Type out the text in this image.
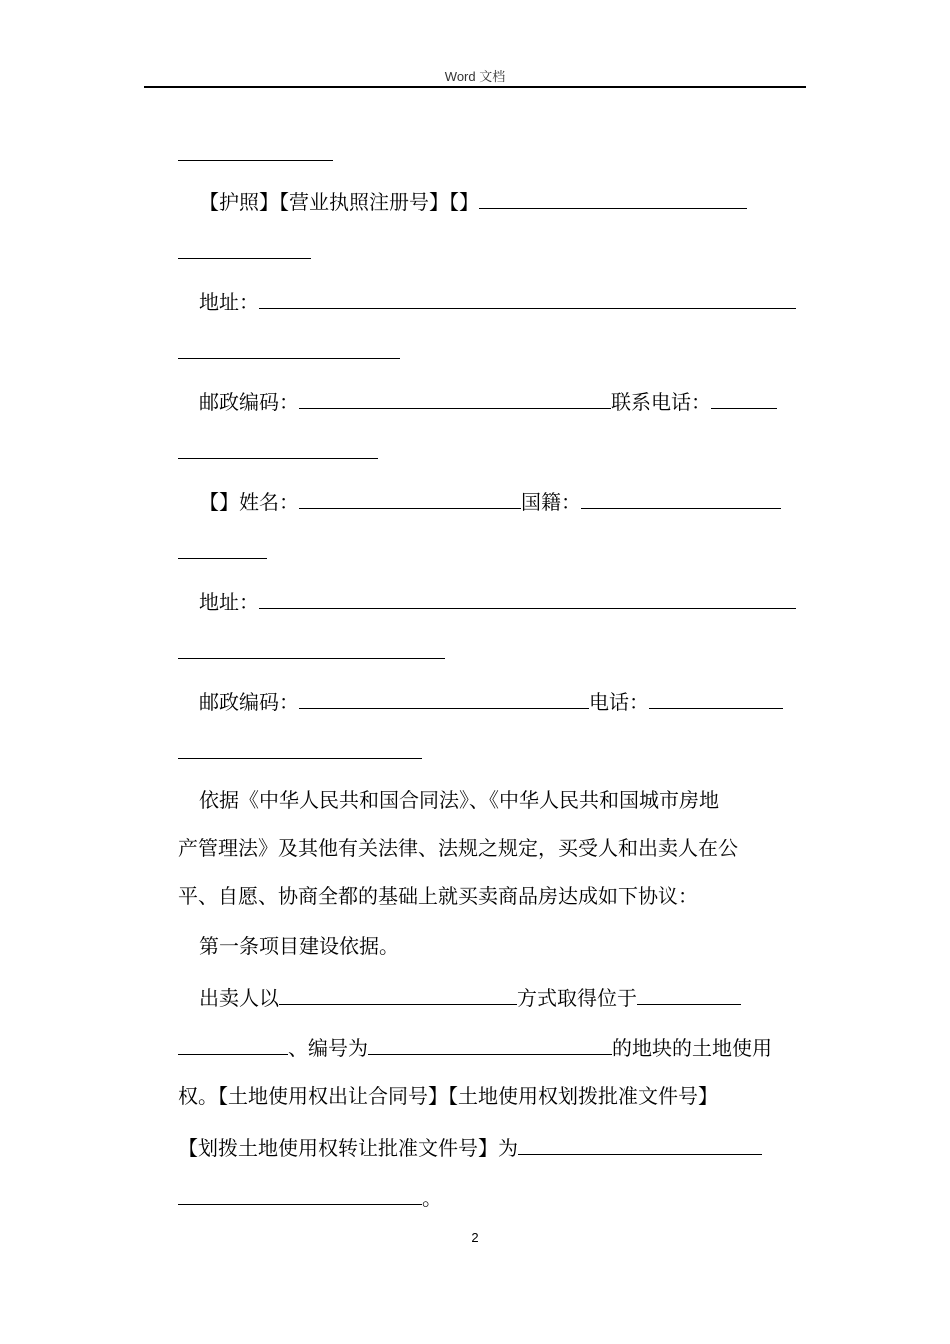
Word 文档
【护照】【营业执照注册号】【】
地址：
邮政编码：	联系电话：
【】姓名：	国籍：
地址：
邮政编码：	电话：
依据《中华人民共和国合同法》、《中华人民共和国城市房地
产管理法》及其他有关法律、法规之规定，买受人和出卖人在公
平、自愿、协商全都的基础上就买卖商品房达成如下协议：
第一条项目建设依据。
出卖人以	方式取得位于
、编号为	的地块的土地使用
权。【土地使用权出让合同号】【土地使用权划拨批准文件号】
【划拨土地使用权转让批准文件号】为
。
2
